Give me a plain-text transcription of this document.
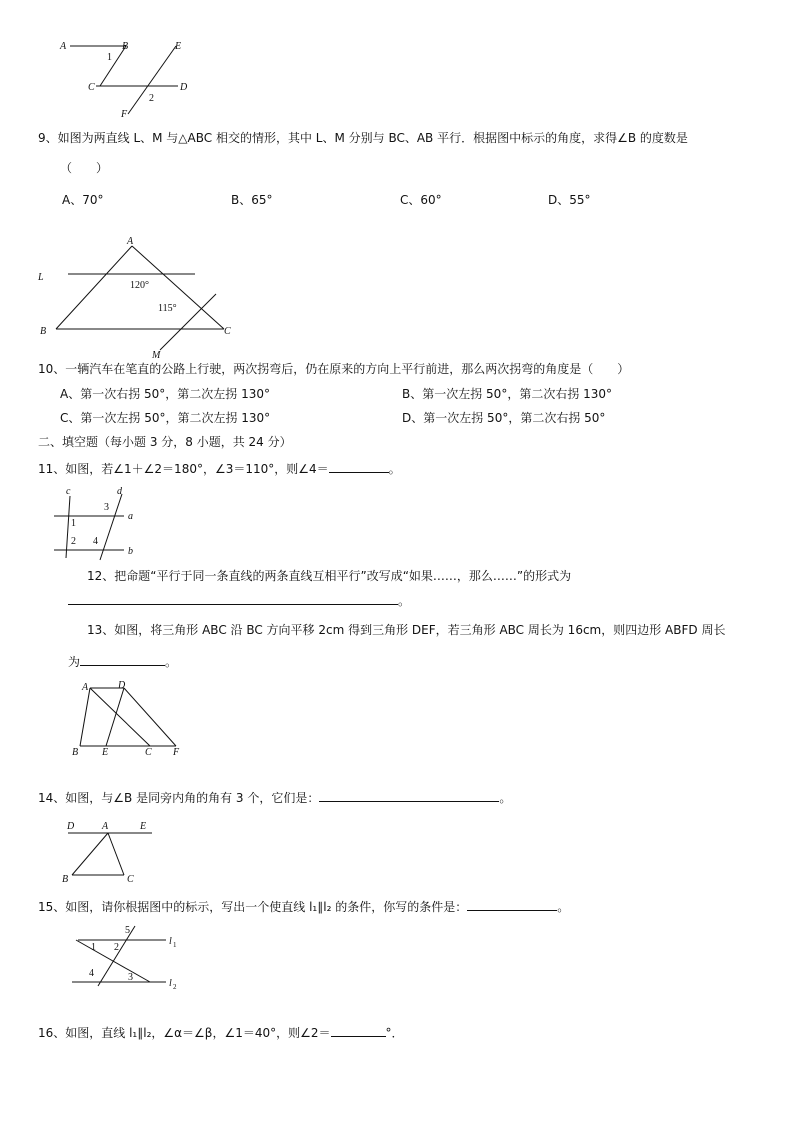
A	B
C	D
E
F
1
2
9、如图为两直线 L、M 与△ABC 相交的情形，其中 L、M 分别与 BC、AB 平行．根据图中标示的角度，求得∠B 的度数是
（　　）
A、70°	B、65°	C、60°	D、55°
A
L
B	C
M
120°
115°
10、一辆汽车在笔直的公路上行驶，两次拐弯后，仍在原来的方向上平行前进，那么两次拐弯的角度是（　　）
A、第一次右拐 50°，第二次左拐 130°	B、第一次左拐 50°，第二次右拐 130°
C、第一次左拐 50°，第二次左拐 130°	D、第一次左拐 50°，第二次右拐 50°
二、填空题（每小题 3 分，8 小题，共 24 分）
11、如图，若∠1＋∠2＝180°，∠3＝110°，则∠4＝	。
c	d
a
b
1
2
3
4
12、把命题“平行于同一条直线的两条直线互相平行”改写成“如果……，那么……”的形式为
。
13、如图，将三角形 ABC 沿 BC 方向平移 2cm 得到三角形 DEF，若三角形 ABC 周长为 16cm，则四边形 ABFD 周长
为	。
A	D
B E	C F
14、如图，与∠B 是同旁内角的角有 3 个，它们是：	。
D	A	E
B	C
15、如图，请你根据图中的标示，写出一个使直线 l₁∥l₂ 的条件，你写的条件是：	。
1 2
5
4	3
l 1
l 2
16、如图，直线 l₁∥l₂，∠α＝∠β，∠1＝40°，则∠2＝	°．
